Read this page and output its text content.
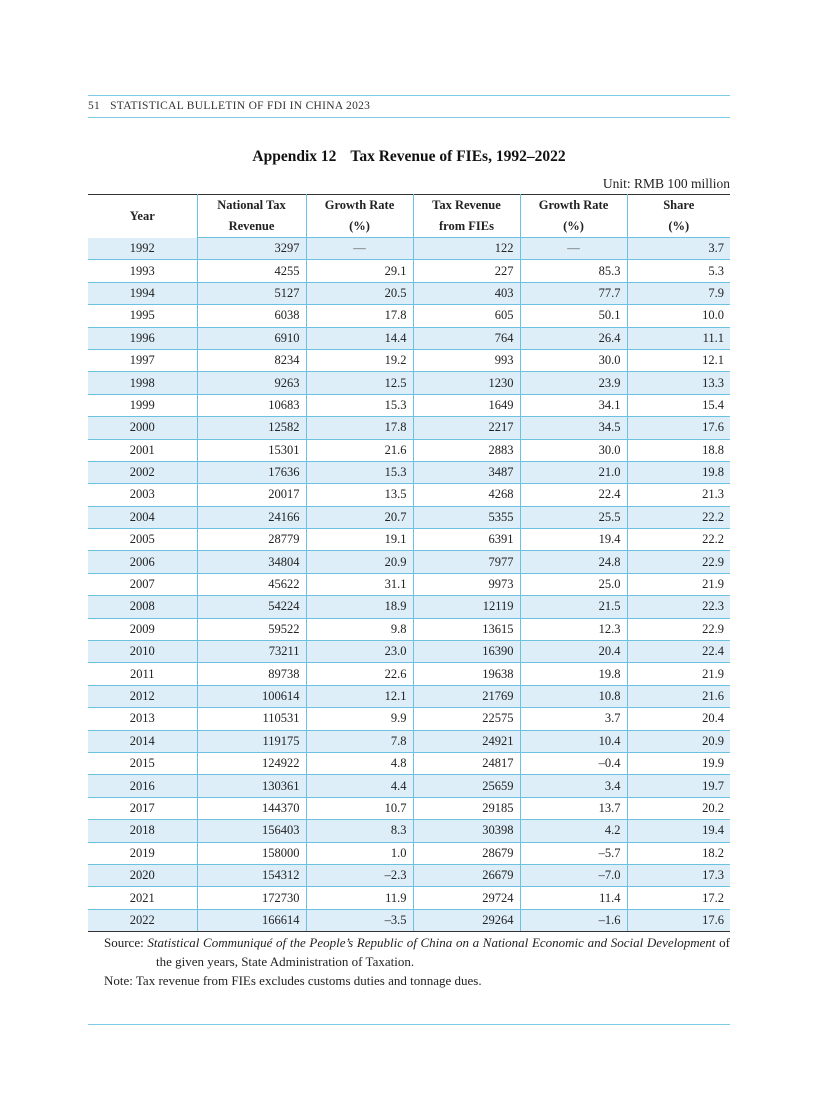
51 STATISTICAL BULLETIN OF FDI IN CHINA 2023
Appendix 12 Tax Revenue of FIEs, 1992–2022
Unit: RMB 100 million
Year	National Tax	Growth Rate	Tax Revenue	Growth Rate	Share
	Revenue	(%)	from FIEs	(%)	(%)
1992	3297	—	122	—	3.7
1993	4255	29.1	227	85.3	5.3
1994	5127	20.5	403	77.7	7.9
1995	6038	17.8	605	50.1	10.0
1996	6910	14.4	764	26.4	11.1
1997	8234	19.2	993	30.0	12.1
1998	9263	12.5	1230	23.9	13.3
1999	10683	15.3	1649	34.1	15.4
2000	12582	17.8	2217	34.5	17.6
2001	15301	21.6	2883	30.0	18.8
2002	17636	15.3	3487	21.0	19.8
2003	20017	13.5	4268	22.4	21.3
2004	24166	20.7	5355	25.5	22.2
2005	28779	19.1	6391	19.4	22.2
2006	34804	20.9	7977	24.8	22.9
2007	45622	31.1	9973	25.0	21.9
2008	54224	18.9	12119	21.5	22.3
2009	59522	9.8	13615	12.3	22.9
2010	73211	23.0	16390	20.4	22.4
2011	89738	22.6	19638	19.8	21.9
2012	100614	12.1	21769	10.8	21.6
2013	110531	9.9	22575	3.7	20.4
2014	119175	7.8	24921	10.4	20.9
2015	124922	4.8	24817	–0.4	19.9
2016	130361	4.4	25659	3.4	19.7
2017	144370	10.7	29185	13.7	20.2
2018	156403	8.3	30398	4.2	19.4
2019	158000	1.0	28679	–5.7	18.2
2020	154312	–2.3	26679	–7.0	17.3
2021	172730	11.9	29724	11.4	17.2
2022	166614	–3.5	29264	–1.6	17.6
Source: Statistical Communiqué of the People’s Republic of China on a National Economic and Social Development of the given years, State Administration of Taxation.
Note: Tax revenue from FIEs excludes customs duties and tonnage dues.
